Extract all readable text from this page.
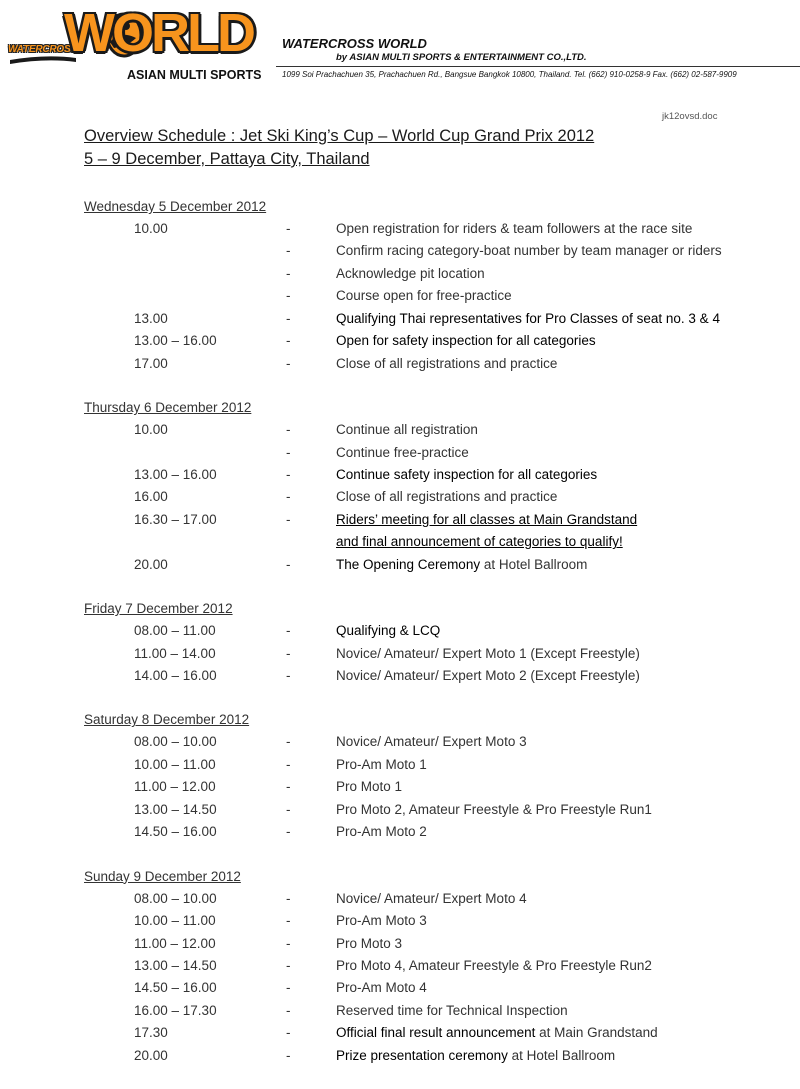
WATERCROSS
WORLD
ASIAN MULTI SPORTS
WATERCROSS WORLD
by ASIAN MULTI SPORTS & ENTERTAINMENT CO.,LTD.
1099 Soi Prachachuen 35, Prachachuen Rd., Bangsue Bangkok 10800, Thailand. Tel. (662) 910-0258-9 Fax. (662) 02-587-9909
jk12ovsd.doc
Overview Schedule : Jet Ski King’s Cup – World Cup Grand Prix 2012
5 – 9 December, Pattaya City, Thailand
Wednesday 5 December 2012
10.00	-	Open registration for riders & team followers at the race site
-	Confirm racing category-boat number by team manager or riders
-	Acknowledge pit location
-	Course open for free-practice
13.00	-	Qualifying Thai representatives for Pro Classes of seat no. 3 & 4
13.00 – 16.00	-	Open for safety inspection for all categories
17.00	-	Close of all registrations and practice
Thursday 6 December 2012
10.00	-	Continue all registration
-	Continue free-practice
13.00 – 16.00	-	Continue safety inspection for all categories
16.00	-	Close of all registrations and practice
16.30 – 17.00	-	Riders’ meeting for all classes at Main Grandstand
and final announcement of categories to qualify!
20.00	-	The Opening Ceremony at Hotel Ballroom
Friday 7 December 2012
08.00 – 11.00	-	Qualifying & LCQ
11.00 – 14.00	-	Novice/ Amateur/ Expert Moto 1 (Except Freestyle)
14.00 – 16.00	-	Novice/ Amateur/ Expert Moto 2 (Except Freestyle)
Saturday 8 December 2012
08.00 – 10.00	-	Novice/ Amateur/ Expert Moto 3
10.00 – 11.00	-	Pro-Am Moto 1
11.00 – 12.00	-	Pro Moto 1
13.00 – 14.50	-	Pro Moto 2, Amateur Freestyle & Pro Freestyle Run1
14.50 – 16.00	-	Pro-Am Moto 2
Sunday 9 December 2012
08.00 – 10.00	-	Novice/ Amateur/ Expert Moto 4
10.00 – 11.00	-	Pro-Am Moto 3
11.00 – 12.00	-	Pro Moto 3
13.00 – 14.50	-	Pro Moto 4, Amateur Freestyle & Pro Freestyle Run2
14.50 – 16.00	-	Pro-Am Moto 4
16.00 – 17.30	-	Reserved time for Technical Inspection
17.30	-	Official final result announcement at Main Grandstand
20.00	-	Prize presentation ceremony at Hotel Ballroom
